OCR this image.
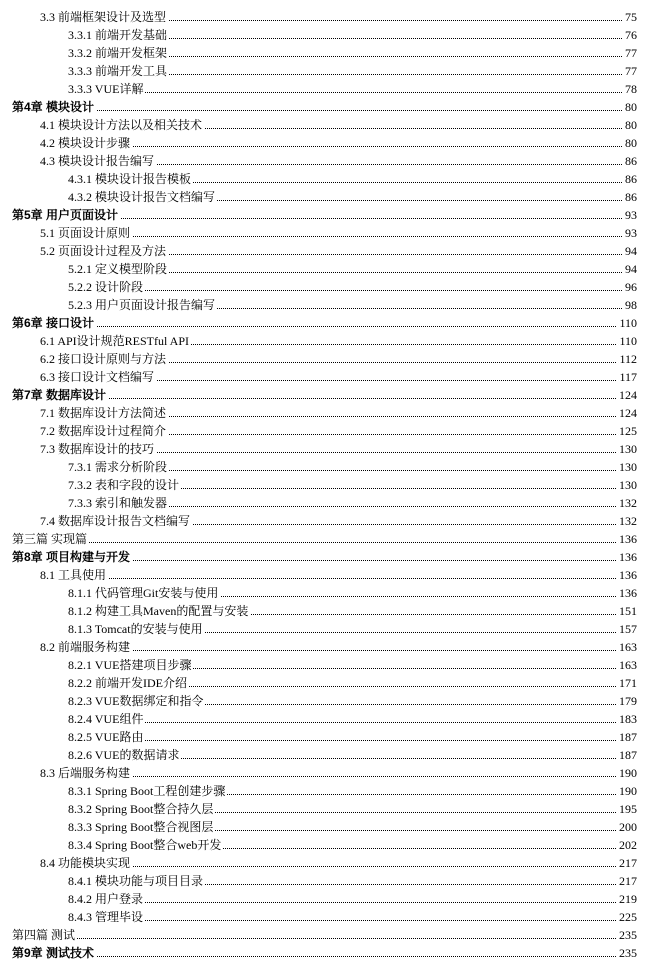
3.3 前端框架设计及选型	75
3.3.1 前端开发基础	76
3.3.2 前端开发框架	77
3.3.3 前端开发工具	77
3.3.3 VUE详解	78
第4章 模块设计	80
4.1 模块设计方法以及相关技术	80
4.2 模块设计步骤	80
4.3 模块设计报告编写	86
4.3.1 模块设计报告模板	86
4.3.2 模块设计报告文档编写	86
第5章 用户页面设计	93
5.1 页面设计原则	93
5.2 页面设计过程及方法	94
5.2.1 定义模型阶段	94
5.2.2 设计阶段	96
5.2.3 用户页面设计报告编写	98
第6章 接口设计	110
6.1 API设计规范RESTful API	110
6.2 接口设计原则与方法	112
6.3 接口设计文档编写	117
第7章 数据库设计	124
7.1 数据库设计方法简述	124
7.2 数据库设计过程简介	125
7.3 数据库设计的技巧	130
7.3.1 需求分析阶段	130
7.3.2 表和字段的设计	130
7.3.3 索引和触发器	132
7.4 数据库设计报告文档编写	132
第三篇 实现篇	136
第8章 项目构建与开发	136
8.1 工具使用	136
8.1.1 代码管理Git安装与使用	136
8.1.2 构建工具Maven的配置与安装	151
8.1.3 Tomcat的安装与使用	157
8.2 前端服务构建	163
8.2.1 VUE搭建项目步骤	163
8.2.2 前端开发IDE介绍	171
8.2.3 VUE数据绑定和指令	179
8.2.4 VUE组件	183
8.2.5 VUE路由	187
8.2.6 VUE的数据请求	187
8.3 后端服务构建	190
8.3.1 Spring Boot工程创建步骤	190
8.3.2 Spring Boot整合持久层	195
8.3.3 Spring Boot整合视图层	200
8.3.4 Spring Boot整合web开发	202
8.4 功能模块实现	217
8.4.1 模块功能与项目目录	217
8.4.2 用户登录	219
8.4.3 管理毕设	225
第四篇 测试	235
第9章 测试技术	235
